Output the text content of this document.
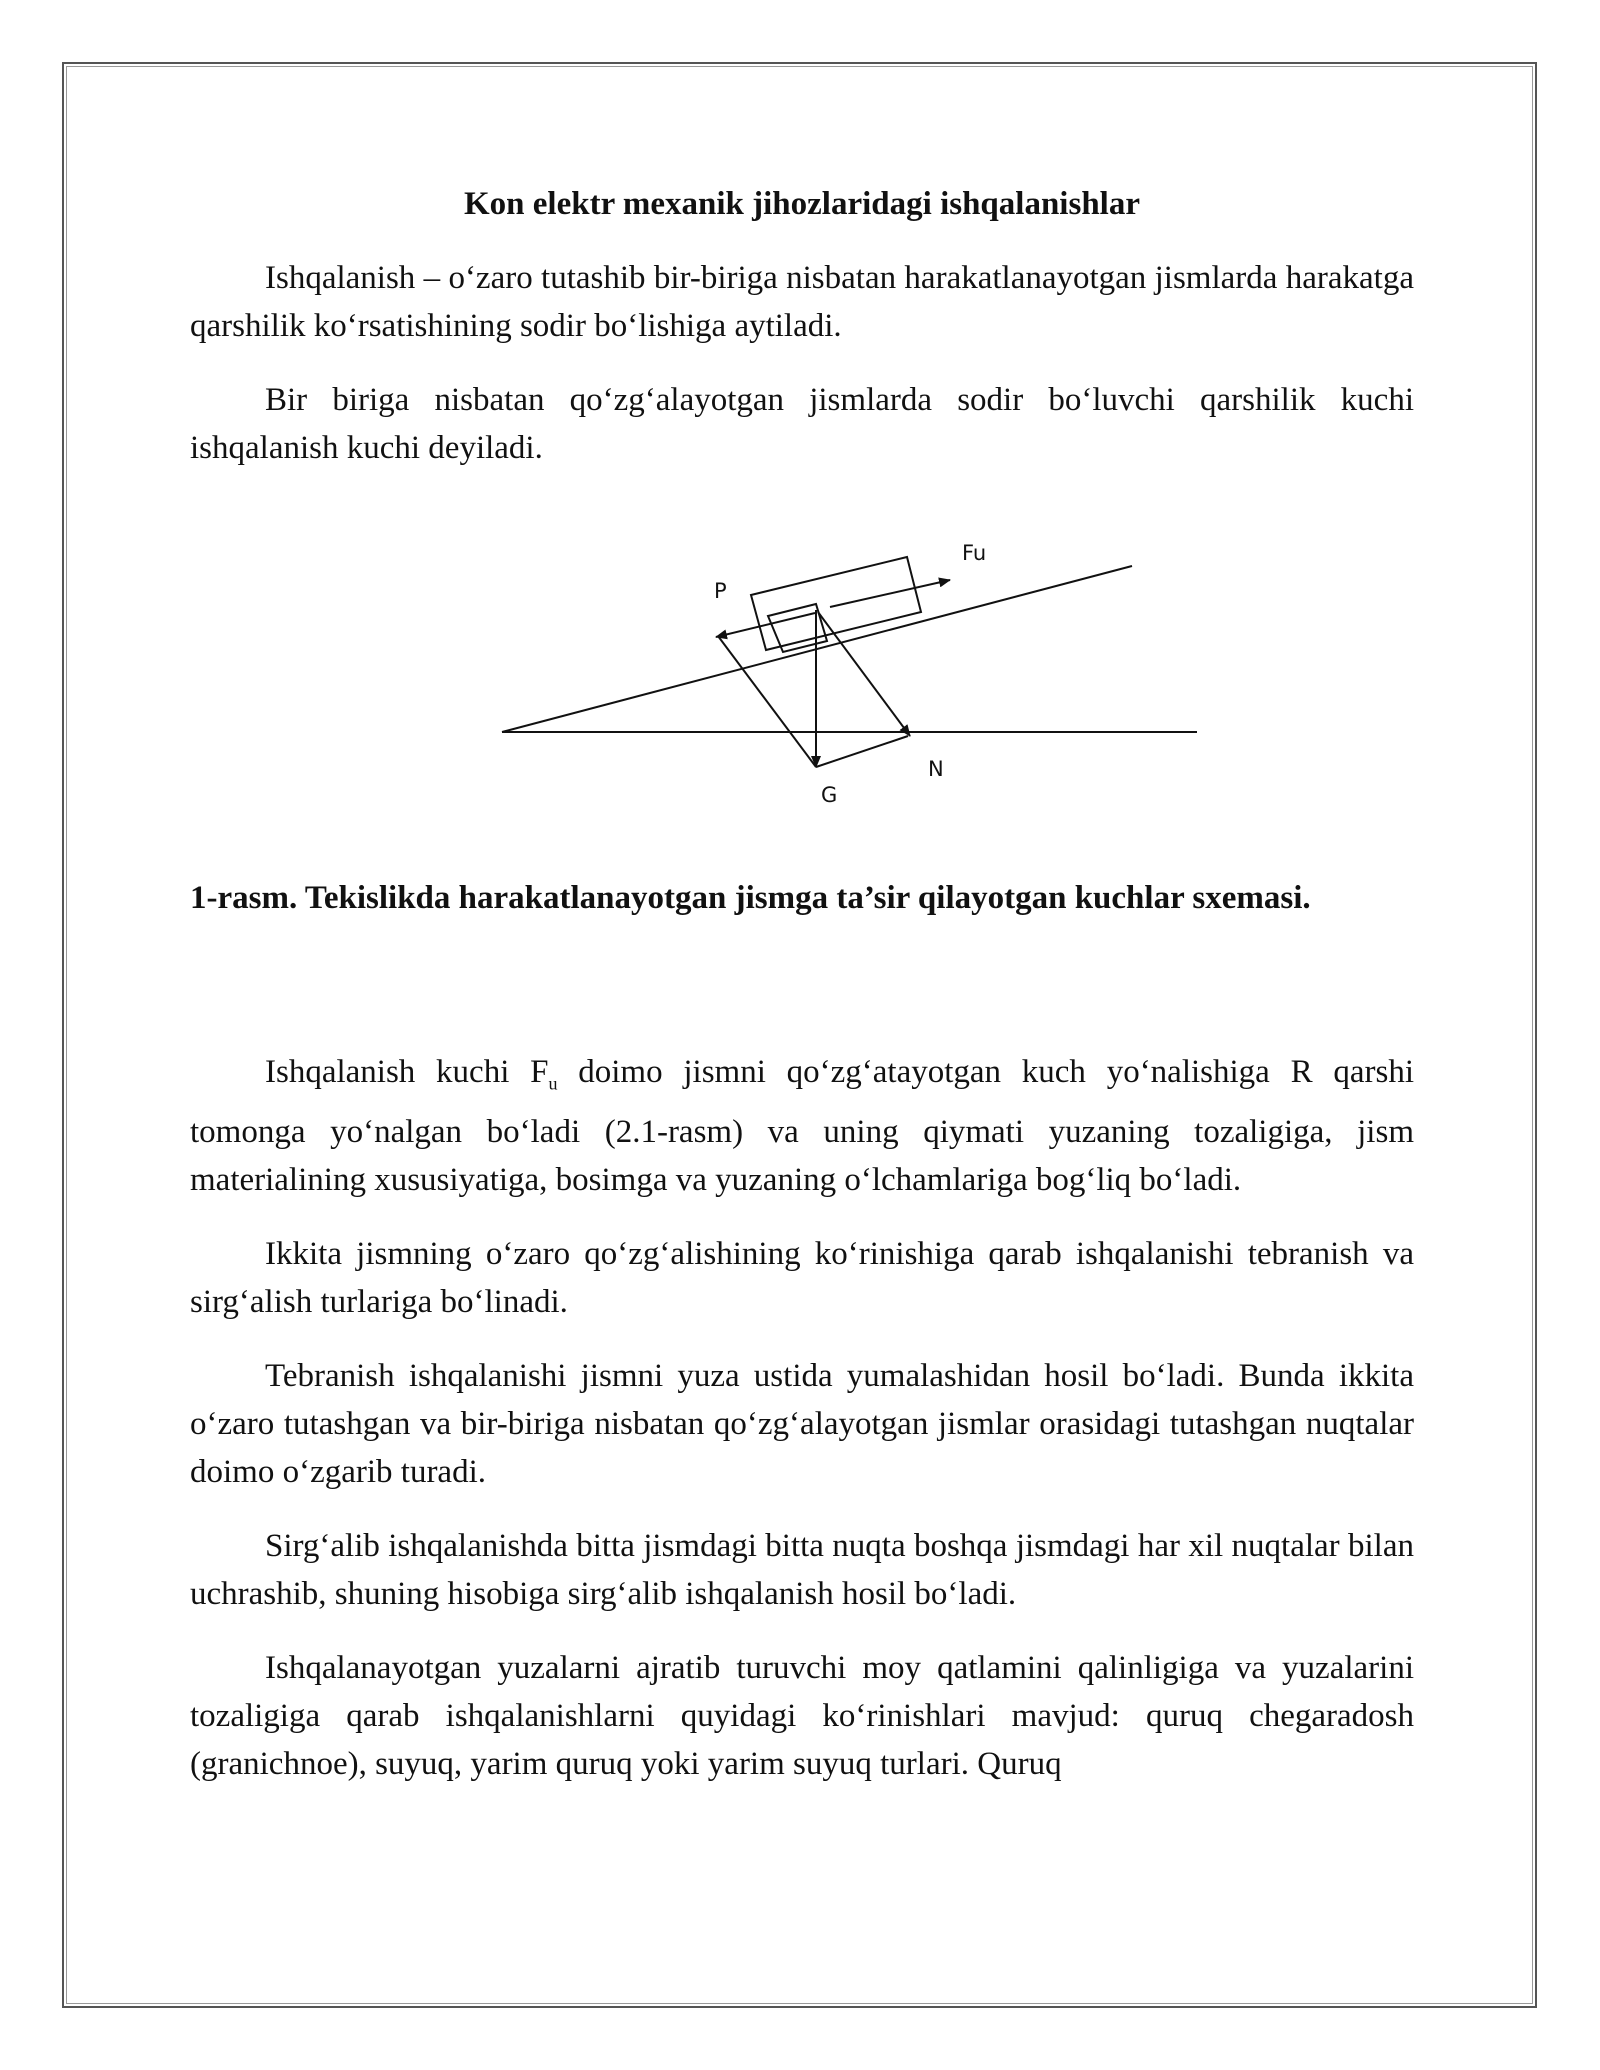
Kon elektr mexanik jihozlaridagi ishqalanishlar

Ishqalanish – o‘zaro tutashib bir-biriga nisbatan harakatlanayotgan jismlarda harakatga qarshilik ko‘rsatishining sodir bo‘lishiga aytiladi.

Bir biriga nisbatan qo‘zg‘alayotgan jismlarda sodir bo‘luvchi qarshilik kuchi ishqalanish kuchi deyiladi.

Fu
P
N
G
1-rasm. Tekislikda harakatlanayotgan jismga ta’sir qilayotgan kuchlar sxemasi.

Ishqalanish kuchi $F_u$ doimo jismni qo‘zg‘atayotgan kuch yo‘nalishiga R qarshi tomonga yo‘nalgan bo‘ladi (2.1-rasm) va uning qiymati yuzaning tozaligiga, jism materialining xususiyatiga, bosimga va yuzaning o‘lchamlariga bog‘liq bo‘ladi.

Ikkita jismning o‘zaro qo‘zg‘alishining ko‘rinishiga qarab ishqalanishi tebranish va sirg‘alish turlariga bo‘linadi.

Tebranish ishqalanishi jismni yuza ustida yumalashidan hosil bo‘ladi. Bunda ikkita o‘zaro tutashgan va bir-biriga nisbatan qo‘zg‘alayotgan jismlar orasidagi tutashgan nuqtalar doimo o‘zgarib turadi.

Sirg‘alib ishqalanishda bitta jismdagi bitta nuqta boshqa jismdagi har xil nuqtalar bilan uchrashib, shuning hisobiga sirg‘alib ishqalanish hosil bo‘ladi.

Ishqalanayotgan yuzalarni ajratib turuvchi moy qatlamini qalinligiga va yuzalarini tozaligiga qarab ishqalanishlarni quyidagi ko‘rinishlari mavjud: quruq chegaradosh (granichnoe), suyuq, yarim quruq yoki yarim suyuq turlari. Quruq
